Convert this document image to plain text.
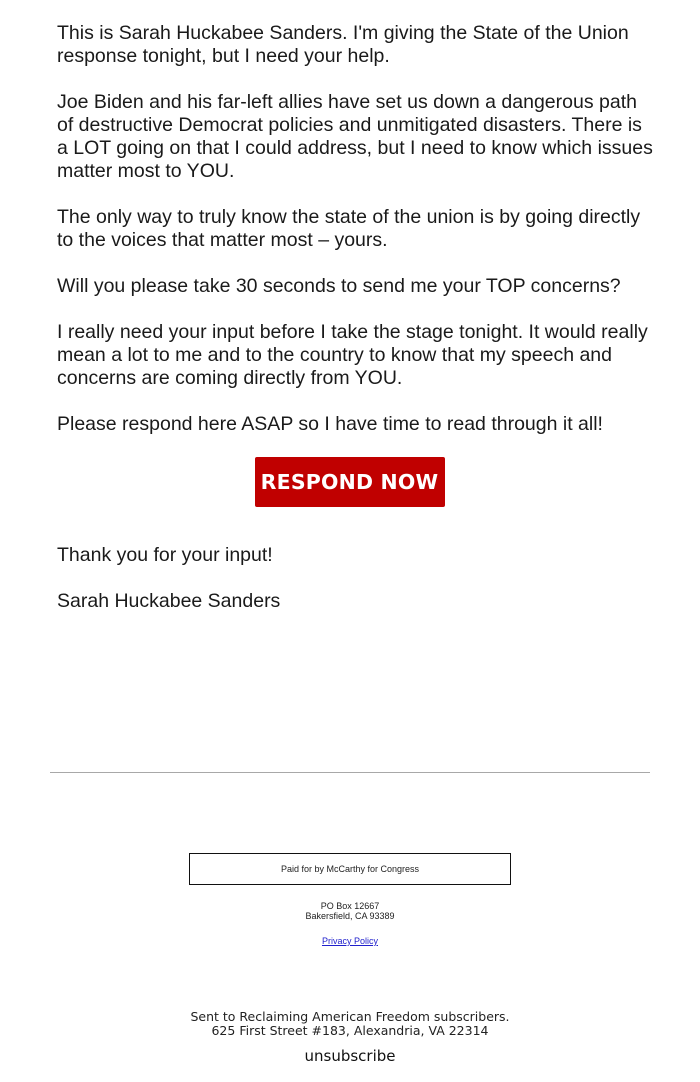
This is Sarah Huckabee Sanders. I'm giving the State of the Union response tonight, but I need your help.

Joe Biden and his far-left allies have set us down a dangerous path of destructive Democrat policies and unmitigated disasters. There is a LOT going on that I could address, but I need to know which issues matter most to YOU.

The only way to truly know the state of the union is by going directly to the voices that matter most – yours.

Will you please take 30 seconds to send me your TOP concerns?

I really need your input before I take the stage tonight. It would really mean a lot to me and to the country to know that my speech and concerns are coming directly from YOU.

Please respond here ASAP so I have time to read through it all!

RESPOND NOW

Thank you for your input!

Sarah Huckabee Sanders

Paid for by McCarthy for Congress
PO Box 12667
Bakersfield, CA 93389
Privacy Policy
Sent to Reclaiming American Freedom subscribers.
625 First Street #183, Alexandria, VA 22314
unsubscribe
